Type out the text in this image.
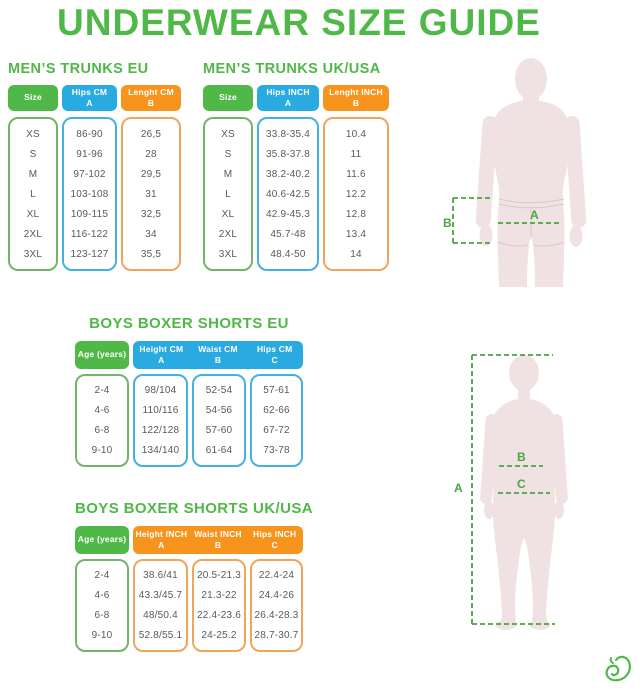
UNDERWEAR SIZE GUIDE
MEN’S TRUNKS EU
Size
XS
S
M
L
XL
2XL
3XL
Hips CM
A
86-90
91-96
97-102
103-108
109-115
116-122
123-127
Lenght CM
B
26,5
28
29,5
31
32,5
34
35,5
MEN’S TRUNKS UK/USA
Size
XS
S
M
L
XL
2XL
3XL
Hips INCH
A
33.8-35.4
35.8-37.8
38.2-40.2
40.6-42.5
42.9-45.3
45.7-48
48.4-50
Lenght INCH
B
10.4
11
11.6
12.2
12.8
13.4
14
BOYS BOXER SHORTS EU
Age (years)
Height CM
A
Waist CM
B
Hips CM
C
2-4
4-6
6-8
9-10
98/104
110/116
122/128
134/140
52-54
54-56
57-60
61-64
57-61
62-66
67-72
73-78
BOYS BOXER SHORTS UK/USA
Age (years)
Height INCH
A
Waist INCH
B
Hips INCH
C
2-4
4-6
6-8
9-10
38.6/41
43.3/45.7
48/50.4
52.8/55.1
20.5-21.3
21.3-22
22.4-23.6
24-25.2
22.4-24
24.4-26
26.4-28.3
28.7-30.7
B
A
A
B
C
